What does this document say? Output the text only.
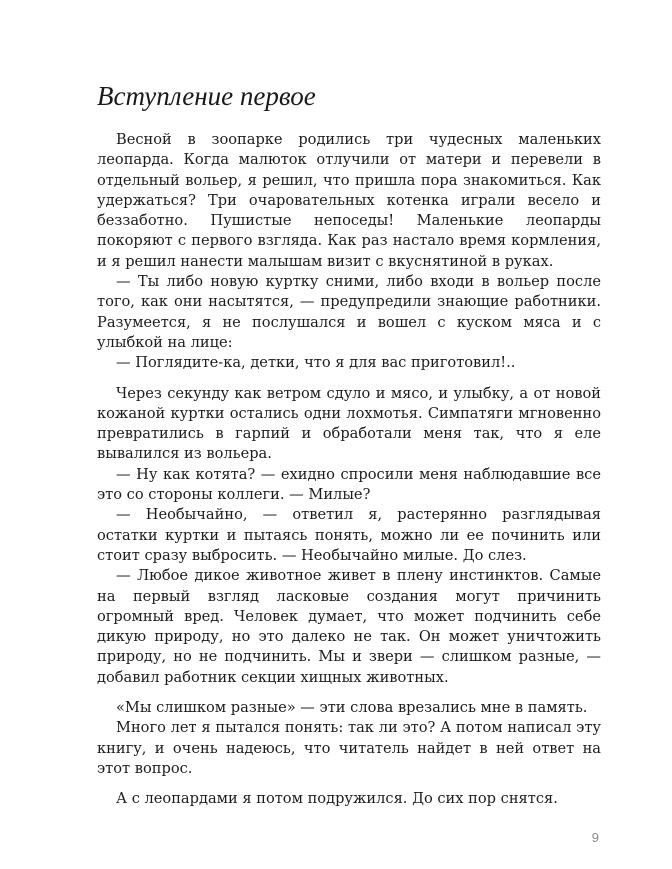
Вступление первое

Весной в зоопарке родились три чудесных маленьких леопарда. Когда малюток отлучили от матери и перевели в отдельный вольер, я решил, что пришла пора знакомиться. Как удержаться? Три очаровательных котенка играли весело и беззаботно. Пушистые непоседы! Маленькие леопарды покоряют с первого взгляда. Как раз настало время кормления, и я решил нанести малышам визит с вкуснятиной в руках.

— Ты либо новую куртку сними, либо входи в вольер после того, как они насытятся, — предупредили знающие работники. Разумеется, я не послушался и вошел с куском мяса и с улыбкой на лице:

— Поглядите-ка, детки, что я для вас приготовил!..

Через секунду как ветром сдуло и мясо, и улыбку, а от новой кожаной куртки остались одни лохмотья. Симпатяги мгновенно превратились в гарпий и обработали меня так, что я еле вывалился из вольера.

— Ну как котята? — ехидно спросили меня наблюдавшие все это со стороны коллеги. — Милые?

— Необычайно, — ответил я, растерянно разглядывая остатки куртки и пытаясь понять, можно ли ее починить или стоит сразу выбросить. — Необычайно милые. До слез.

— Любое дикое животное живет в плену инстинктов. Самые на первый взгляд ласковые создания могут причинить огромный вред. Человек думает, что может подчинить себе дикую природу, но это далеко не так. Он может уничтожить природу, но не подчинить. Мы и звери — слишком разные, — добавил работник секции хищных животных.

«Мы слишком разные» — эти слова врезались мне в память.

Много лет я пытался понять: так ли это? А потом написал эту книгу, и очень надеюсь, что читатель найдет в ней ответ на этот вопрос.

А с леопардами я потом подружился. До сих пор снятся.

9
